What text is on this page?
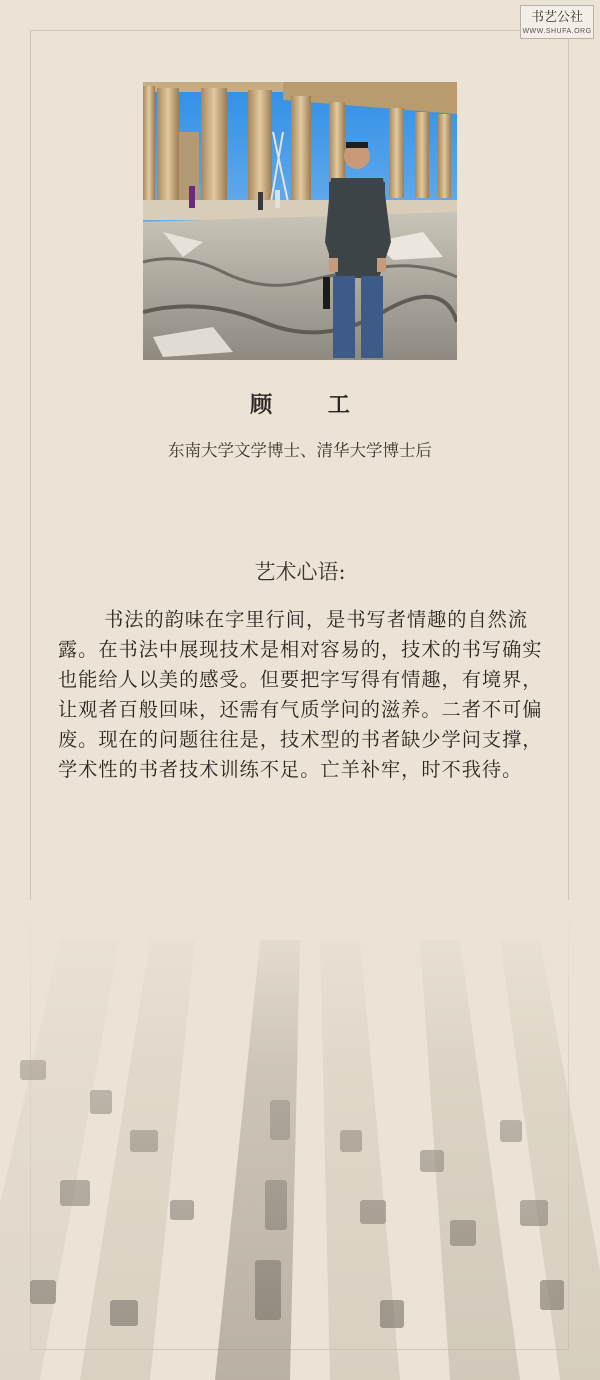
书艺公社
WWW.SHUFA.ORG
顾 工
东南大学文学博士、清华大学博士后
艺术心语:
书法的韵味在字里行间，是书写者情趣的自然流露。在书法中展现技术是相对容易的，技术的书写确实也能给人以美的感受。但要把字写得有情趣，有境界，让观者百般回味，还需有气质学问的滋养。二者不可偏废。现在的问题往往是，技术型的书者缺少学问支撑，学术性的书者技术训练不足。亡羊补牢，时不我待。
